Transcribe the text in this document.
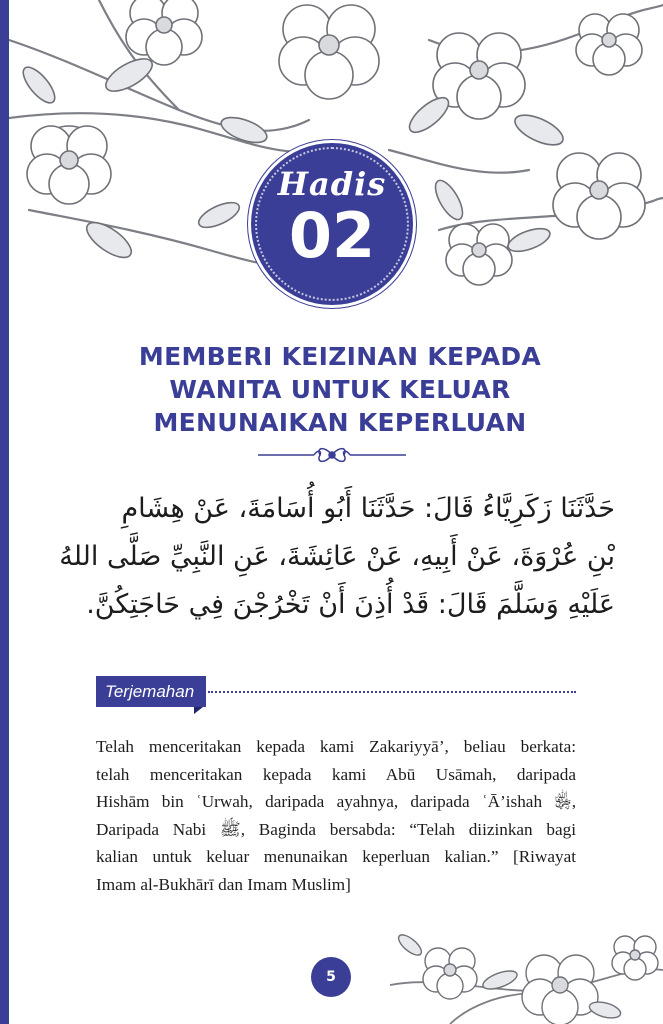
Hadis
02
MEMBERI KEIZINAN KEPADA
WANITA UNTUK KELUAR
MENUNAIKAN KEPERLUAN
حَدَّثَنَا زَكَرِيَّاءُ قَالَ: حَدَّثَنَا أَبُو أُسَامَةَ، عَنْ هِشَامِ
بْنِ عُرْوَةَ، عَنْ أَبِيهِ، عَنْ عَائِشَةَ، عَنِ النَّبِيِّ صَلَّى اللهُ
عَلَيْهِ وَسَلَّمَ قَالَ: قَدْ أُذِنَ أَنْ تَخْرُجْنَ فِي حَاجَتِكُنَّ.
Terjemahan
Telah menceritakan kepada kami Zakariyyā’, beliau berkata:
telah menceritakan kepada kami Abū Usāmah, daripada
Hishām bin ʿUrwah, daripada ayahnya, daripada ʿĀ’ishah ﵂,
Daripada Nabi ﷺ, Baginda bersabda: “Telah diizinkan bagi
kalian untuk keluar menunaikan keperluan kalian.” [Riwayat
Imam al-Bukhārī dan Imam Muslim]
5
